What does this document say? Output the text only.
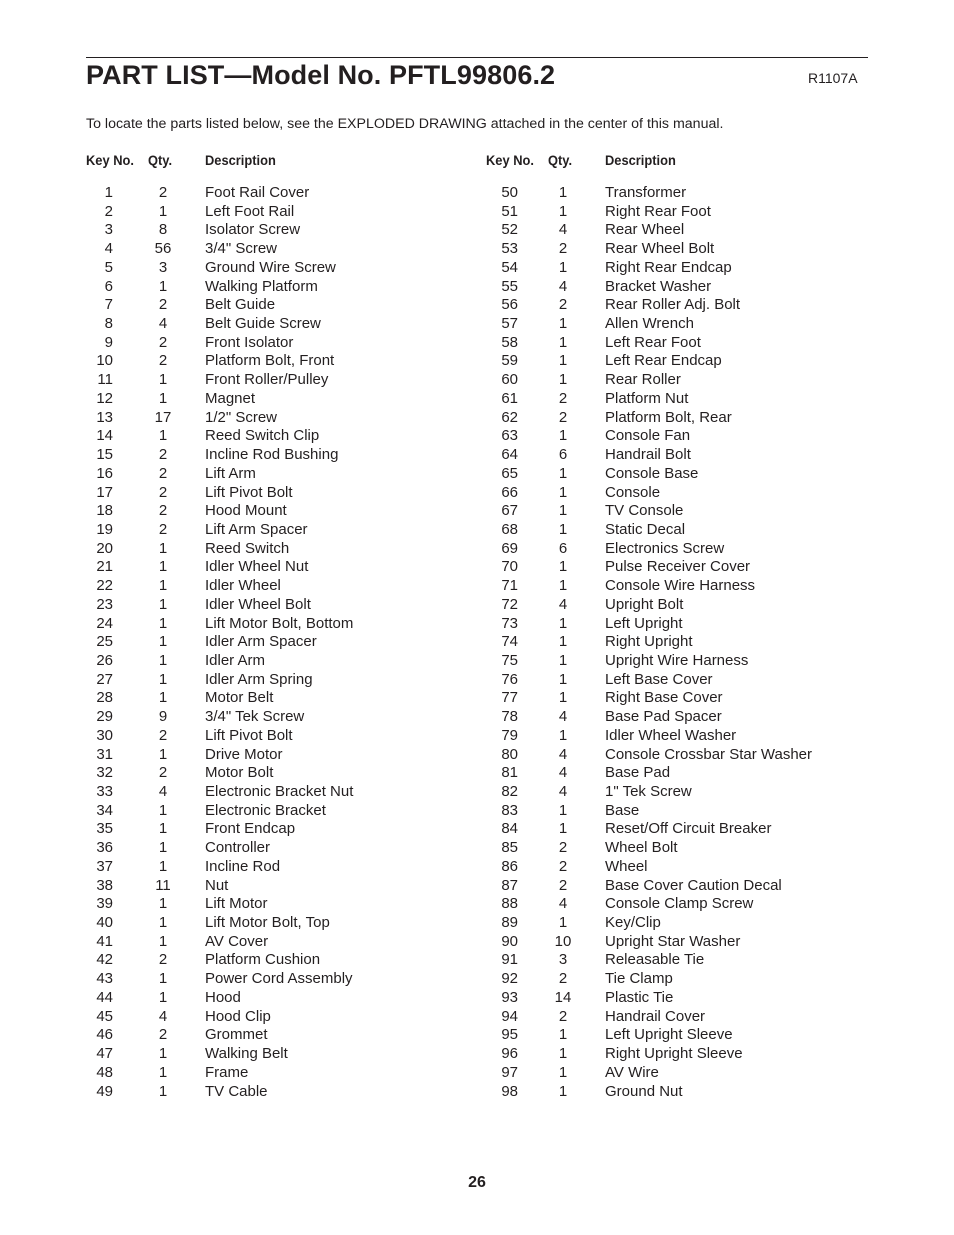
PART LIST—Model No. PFTL99806.2	R1107A
To locate the parts listed below, see the EXPLODED DRAWING attached in the center of this manual.
Key No. Qty. Description
1	2	Foot Rail Cover
2	1	Left Foot Rail
3	8	Isolator Screw
4	56	3/4" Screw
5	3	Ground Wire Screw
6	1	Walking Platform
7	2	Belt Guide
8	4	Belt Guide Screw
9	2	Front Isolator
10	2	Platform Bolt, Front
11	1	Front Roller/Pulley
12	1	Magnet
13	17	1/2" Screw
14	1	Reed Switch Clip
15	2	Incline Rod Bushing
16	2	Lift Arm
17	2	Lift Pivot Bolt
18	2	Hood Mount
19	2	Lift Arm Spacer
20	1	Reed Switch
21	1	Idler Wheel Nut
22	1	Idler Wheel
23	1	Idler Wheel Bolt
24	1	Lift Motor Bolt, Bottom
25	1	Idler Arm Spacer
26	1	Idler Arm
27	1	Idler Arm Spring
28	1	Motor Belt
29	9	3/4" Tek Screw
30	2	Lift Pivot Bolt
31	1	Drive Motor
32	2	Motor Bolt
33	4	Electronic Bracket Nut
34	1	Electronic Bracket
35	1	Front Endcap
36	1	Controller
37	1	Incline Rod
38	11	Nut
39	1	Lift Motor
40	1	Lift Motor Bolt, Top
41	1	AV Cover
42	2	Platform Cushion
43	1	Power Cord Assembly
44	1	Hood
45	4	Hood Clip
46	2	Grommet
47	1	Walking Belt
48	1	Frame
49	1	TV Cable
Key No. Qty. Description
50	1	Transformer
51	1	Right Rear Foot
52	4	Rear Wheel
53	2	Rear Wheel Bolt
54	1	Right Rear Endcap
55	4	Bracket Washer
56	2	Rear Roller Adj. Bolt
57	1	Allen Wrench
58	1	Left Rear Foot
59	1	Left Rear Endcap
60	1	Rear Roller
61	2	Platform Nut
62	2	Platform Bolt, Rear
63	1	Console Fan
64	6	Handrail Bolt
65	1	Console Base
66	1	Console
67	1	TV Console
68	1	Static Decal
69	6	Electronics Screw
70	1	Pulse Receiver Cover
71	1	Console Wire Harness
72	4	Upright Bolt
73	1	Left Upright
74	1	Right Upright
75	1	Upright Wire Harness
76	1	Left Base Cover
77	1	Right Base Cover
78	4	Base Pad Spacer
79	1	Idler Wheel Washer
80	4	Console Crossbar Star Washer
81	4	Base Pad
82	4	1" Tek Screw
83	1	Base
84	1	Reset/Off Circuit Breaker
85	2	Wheel Bolt
86	2	Wheel
87	2	Base Cover Caution Decal
88	4	Console Clamp Screw
89	1	Key/Clip
90	10	Upright Star Washer
91	3	Releasable Tie
92	2	Tie Clamp
93	14	Plastic Tie
94	2	Handrail Cover
95	1	Left Upright Sleeve
96	1	Right Upright Sleeve
97	1	AV Wire
98	1	Ground Nut
26
